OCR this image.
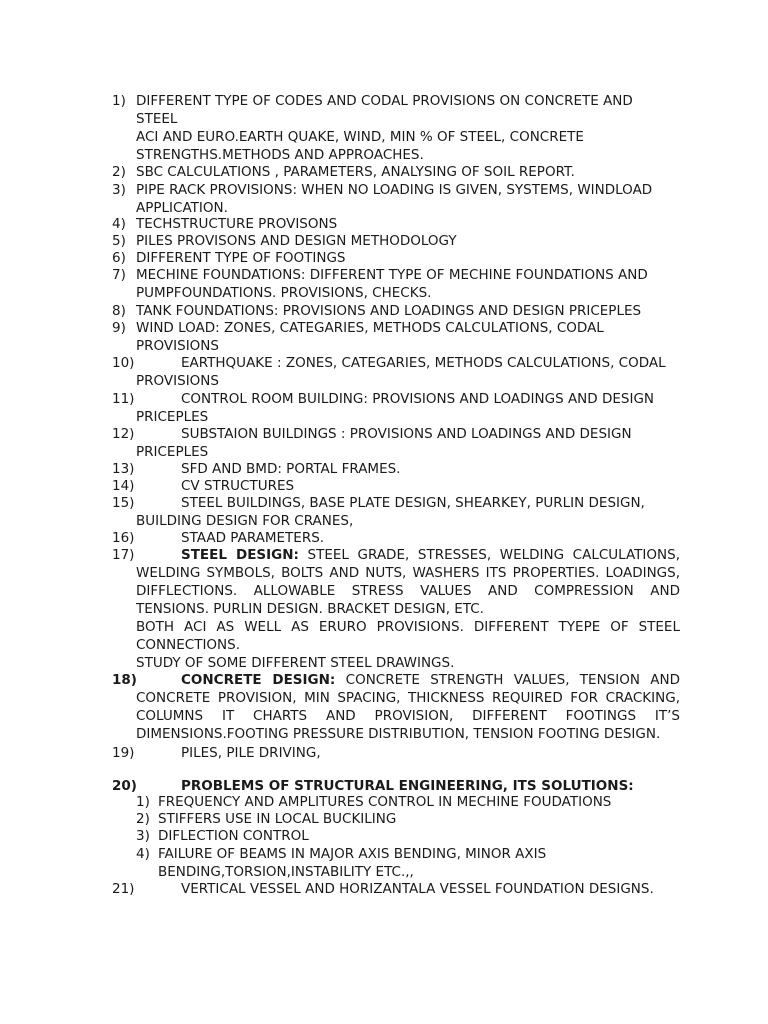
1) DIFFERENT TYPE OF CODES AND CODAL PROVISIONS ON CONCRETE AND STEEL
ACI AND EURO.EARTH QUAKE, WIND, MIN % OF STEEL, CONCRETE STRENGTHS.METHODS AND APPROACHES.
2) SBC CALCULATIONS , PARAMETERS, ANALYSING OF SOIL REPORT.
3) PIPE RACK PROVISIONS: WHEN NO LOADING IS GIVEN, SYSTEMS, WINDLOAD APPLICATION.
4) TECHSTRUCTURE PROVISONS
5) PILES PROVISONS AND DESIGN METHODOLOGY
6) DIFFERENT TYPE OF FOOTINGS
7) MECHINE FOUNDATIONS: DIFFERENT TYPE OF MECHINE FOUNDATIONS AND PUMPFOUNDATIONS. PROVISIONS, CHECKS.
8) TANK FOUNDATIONS: PROVISIONS AND LOADINGS AND DESIGN PRICEPLES
9) WIND LOAD: ZONES, CATEGARIES, METHODS CALCULATIONS, CODAL PROVISIONS
10)	EARTHQUAKE : ZONES, CATEGARIES, METHODS CALCULATIONS, CODAL PROVISIONS
11)	CONTROL ROOM BUILDING: PROVISIONS AND LOADINGS AND DESIGN PRICEPLES
12)	SUBSTAION BUILDINGS : PROVISIONS AND LOADINGS AND DESIGN PRICEPLES
13)	SFD AND BMD: PORTAL FRAMES.
14)	CV STRUCTURES
15)	STEEL BUILDINGS, BASE PLATE DESIGN, SHEARKEY, PURLIN DESIGN, BUILDING DESIGN FOR CRANES,
16)	STAAD PARAMETERS.
17)	STEEL DESIGN: STEEL GRADE, STRESSES, WELDING CALCULATIONS, WELDING SYMBOLS, BOLTS AND NUTS, WASHERS ITS PROPERTIES. LOADINGS, DIFFLECTIONS. ALLOWABLE STRESS VALUES AND COMPRESSION AND TENSIONS. PURLIN DESIGN. BRACKET DESIGN, ETC.
BOTH ACI AS WELL AS ERURO PROVISIONS. DIFFERENT TYEPE OF STEEL CONNECTIONS.
STUDY OF SOME DIFFERENT STEEL DRAWINGS.
18)	CONCRETE DESIGN: CONCRETE STRENGTH VALUES, TENSION AND CONCRETE PROVISION, MIN SPACING, THICKNESS REQUIRED FOR CRACKING, COLUMNS IT CHARTS AND PROVISION, DIFFERENT FOOTINGS IT’S DIMENSIONS.FOOTING PRESSURE DISTRIBUTION, TENSION FOOTING DESIGN.
19)	PILES, PILE DRIVING,
20)	PROBLEMS OF STRUCTURAL ENGINEERING, ITS SOLUTIONS:
1) FREQUENCY AND AMPLITURES CONTROL IN MECHINE FOUDATIONS
2) STIFFERS USE IN LOCAL BUCKILING
3) DIFLECTION CONTROL
4) FAILURE OF BEAMS IN MAJOR AXIS BENDING, MINOR AXIS BENDING,TORSION,INSTABILITY ETC.,,
21)	VERTICAL VESSEL AND HORIZANTALA VESSEL FOUNDATION DESIGNS.
